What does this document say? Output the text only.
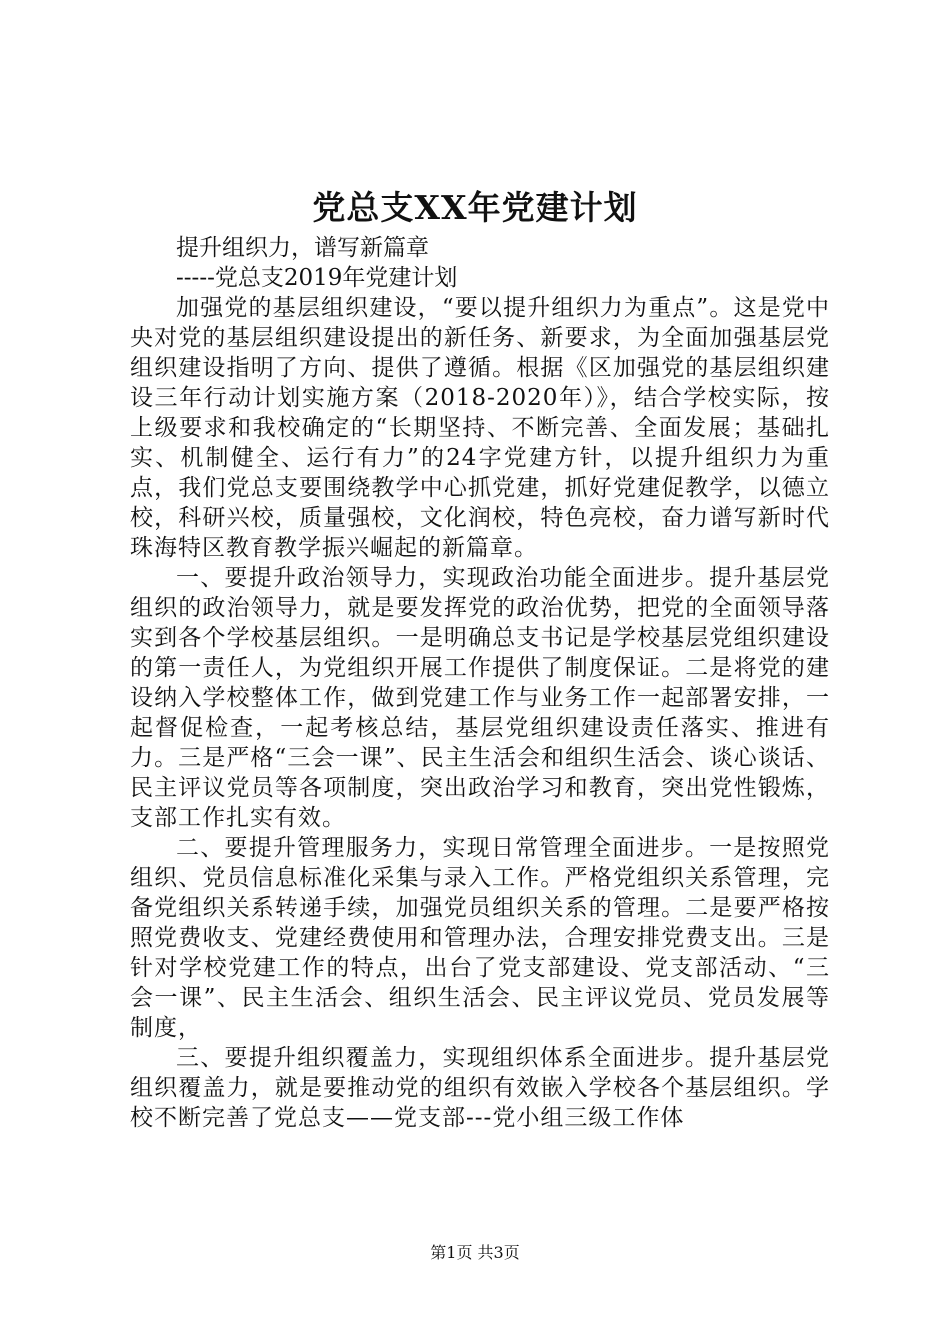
党总支XX年党建计划

提升组织力，谱写新篇章

-----党总支2019年党建计划

加强党的基层组织建设，“要以提升组织力为重点”。这是党中央对党的基层组织建设提出的新任务、新要求，为全面加强基层党组织建设指明了方向、提供了遵循。根据《区加强党的基层组织建设三年行动计划实施方案（2018-2020年）》，结合学校实际，按上级要求和我校确定的“长期坚持、不断完善、全面发展；基础扎实、机制健全、运行有力”的24字党建方针，以提升组织力为重点，我们党总支要围绕教学中心抓党建，抓好党建促教学，以德立校，科研兴校，质量强校，文化润校，特色亮校，奋力谱写新时代珠海特区教育教学振兴崛起的新篇章。

一、要提升政治领导力，实现政治功能全面进步。提升基层党组织的政治领导力，就是要发挥党的政治优势，把党的全面领导落实到各个学校基层组织。一是明确总支书记是学校基层党组织建设的第一责任人，为党组织开展工作提供了制度保证。二是将党的建设纳入学校整体工作，做到党建工作与业务工作一起部署安排，一起督促检查，一起考核总结，基层党组织建设责任落实、推进有力。三是严格“三会一课”、民主生活会和组织生活会、谈心谈话、民主评议党员等各项制度，突出政治学习和教育，突出党性锻炼，支部工作扎实有效。

二、要提升管理服务力，实现日常管理全面进步。一是按照党组织、党员信息标准化采集与录入工作。严格党组织关系管理，完备党组织关系转递手续，加强党员组织关系的管理。二是要严格按照党费收支、党建经费使用和管理办法，合理安排党费支出。三是针对学校党建工作的特点，出台了党支部建设、党支部活动、“三会一课”、民主生活会、组织生活会、民主评议党员、党员发展等制度，

三、要提升组织覆盖力，实现组织体系全面进步。提升基层党组织覆盖力，就是要推动党的组织有效嵌入学校各个基层组织。学校不断完善了党总支——党支部---党小组三级工作体

第1页 共3页
